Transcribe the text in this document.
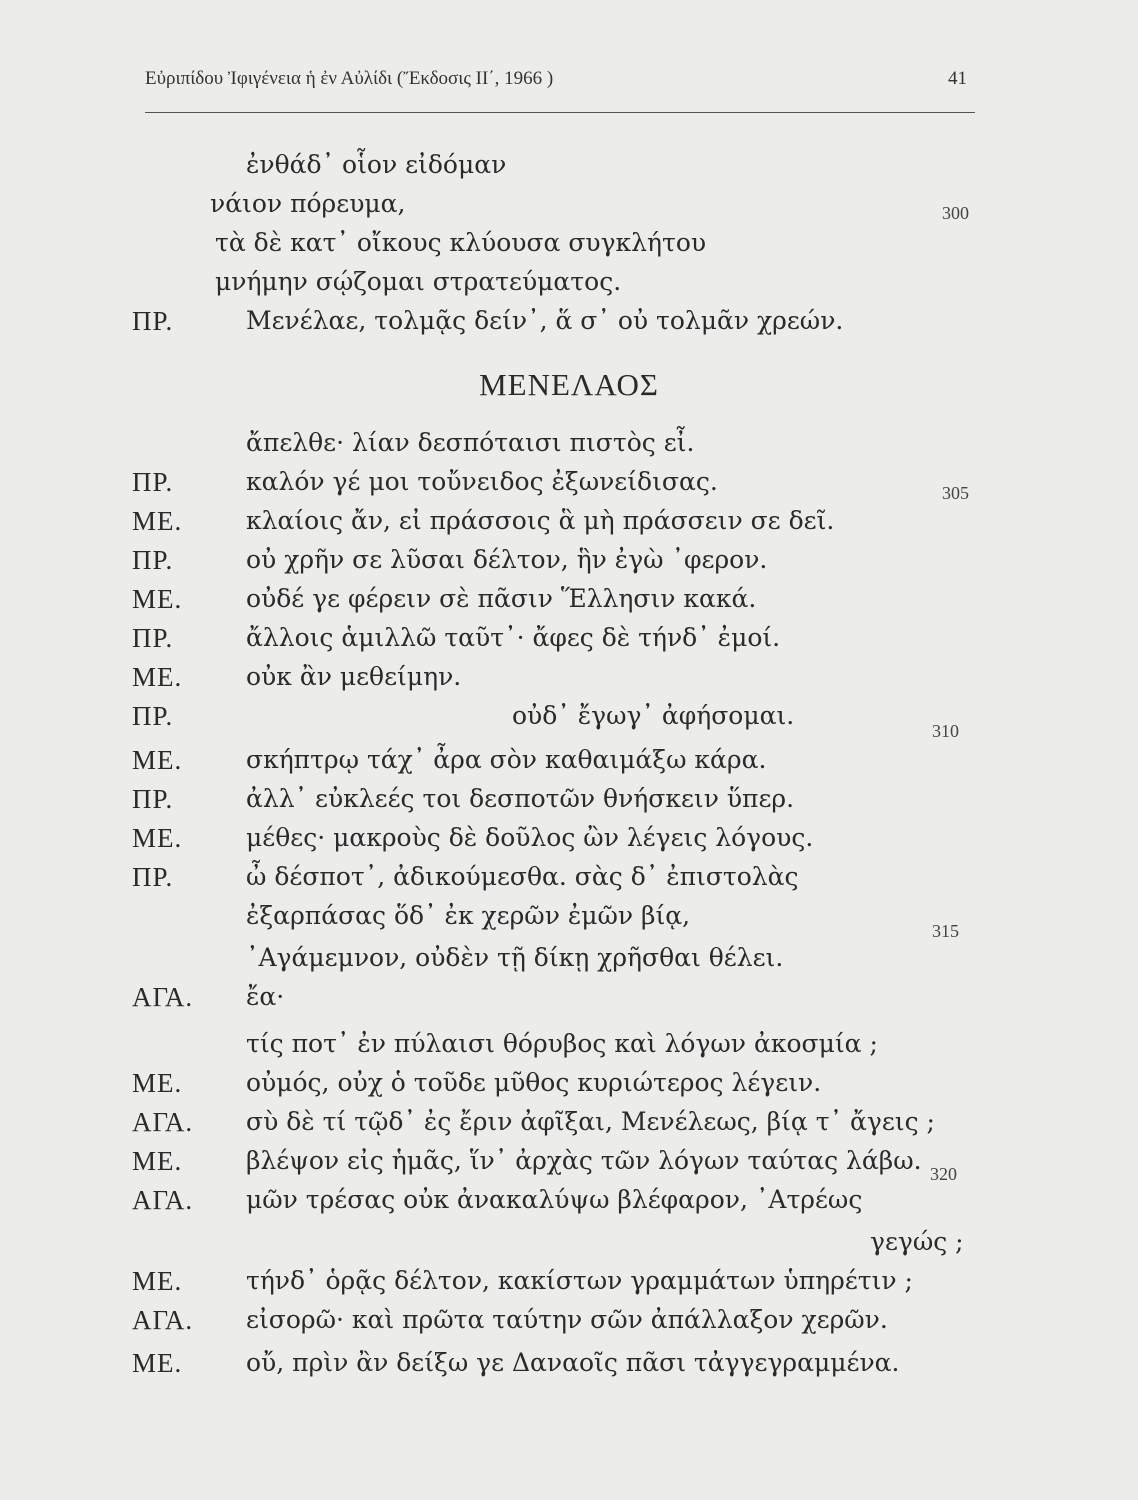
Εὐριπίδου Ἰφιγένεια ἡ ἐν Αὐλίδι (Ἔκδοσις ΙΙ΄, 1966 )	41
ἐνθάδ᾽ οἷον εἰδόμαν
νάιον πόρευμα,	300
τὰ δὲ κατ᾽ οἴκους κλύουσα συγκλήτου
μνήμην σῴζομαι στρατεύματος.
ΠΡ.	Μενέλαε, τολμᾷς δείν᾽, ἅ σ᾽ οὐ τολμᾶν χρεών.
ΜΕΝΕΛΑΟΣ
ἄπελθε· λίαν δεσπόταισι πιστὸς εἶ.
ΠΡ.	καλόν γέ μοι τοὔνειδος ἐξωνείδισας.	305
ΜΕ.	κλαίοις ἄν, εἰ πράσσοις ἃ μὴ πράσσειν σε δεῖ.
ΠΡ.	οὐ χρῆν σε λῦσαι δέλτον, ἣν ἐγὼ ᾽φερον.
ΜΕ.	οὐδέ γε φέρειν σὲ πᾶσιν Ἕλλησιν κακά.
ΠΡ.	ἄλλοις ἁμιλλῶ ταῦτ᾽· ἄφες δὲ τήνδ᾽ ἐμοί.
ΜΕ.	οὐκ ἂν μεθείμην.
ΠΡ.	οὐδ᾽ ἔγωγ᾽ ἀφήσομαι.
310
ΜΕ.	σκήπτρῳ τάχ᾽ ἆρα σὸν καθαιμάξω κάρα.
ΠΡ.	ἀλλ᾽ εὐκλεές τοι δεσποτῶν θνήσκειν ὕπερ.
ΜΕ.	μέθες· μακροὺς δὲ δοῦλος ὢν λέγεις λόγους.
ΠΡ.	ὦ δέσποτ᾽, ἀδικούμεσθα. σὰς δ᾽ ἐπιστολὰς
ἐξαρπάσας ὅδ᾽ ἐκ χερῶν ἐμῶν βίᾳ,
315
᾽Αγάμεμνον, οὐδὲν τῇ δίκῃ χρῆσθαι θέλει.
ΑΓΑ. ἔα·
τίς ποτ᾽ ἐν πύλαισι θόρυβος καὶ λόγων ἀκοσμία ;
ΜΕ.	οὐμός, οὐχ ὁ τοῦδε μῦθος κυριώτερος λέγειν.
ΑΓΑ. σὺ δὲ τί τῷδ᾽ ἐς ἔριν ἀφῖξαι, Μενέλεως, βίᾳ τ᾽ ἄγεις ;
ΜΕ.	βλέψον εἰς ἡμᾶς, ἵν᾽ ἀρχὰς τῶν λόγων ταύτας λάβω. 320
ΑΓΑ. μῶν τρέσας οὐκ ἀνακαλύψω βλέφαρον, ᾽Ατρέως
γεγώς ;
ΜΕ.	τήνδ᾽ ὁρᾷς δέλτον, κακίστων γραμμάτων ὑπηρέτιν ;
ΑΓΑ. εἰσορῶ· καὶ πρῶτα ταύτην σῶν ἀπάλλαξον χερῶν.
ΜΕ.	οὔ, πρὶν ἂν δείξω γε Δαναοῖς πᾶσι τἀγγεγραμμένα.
